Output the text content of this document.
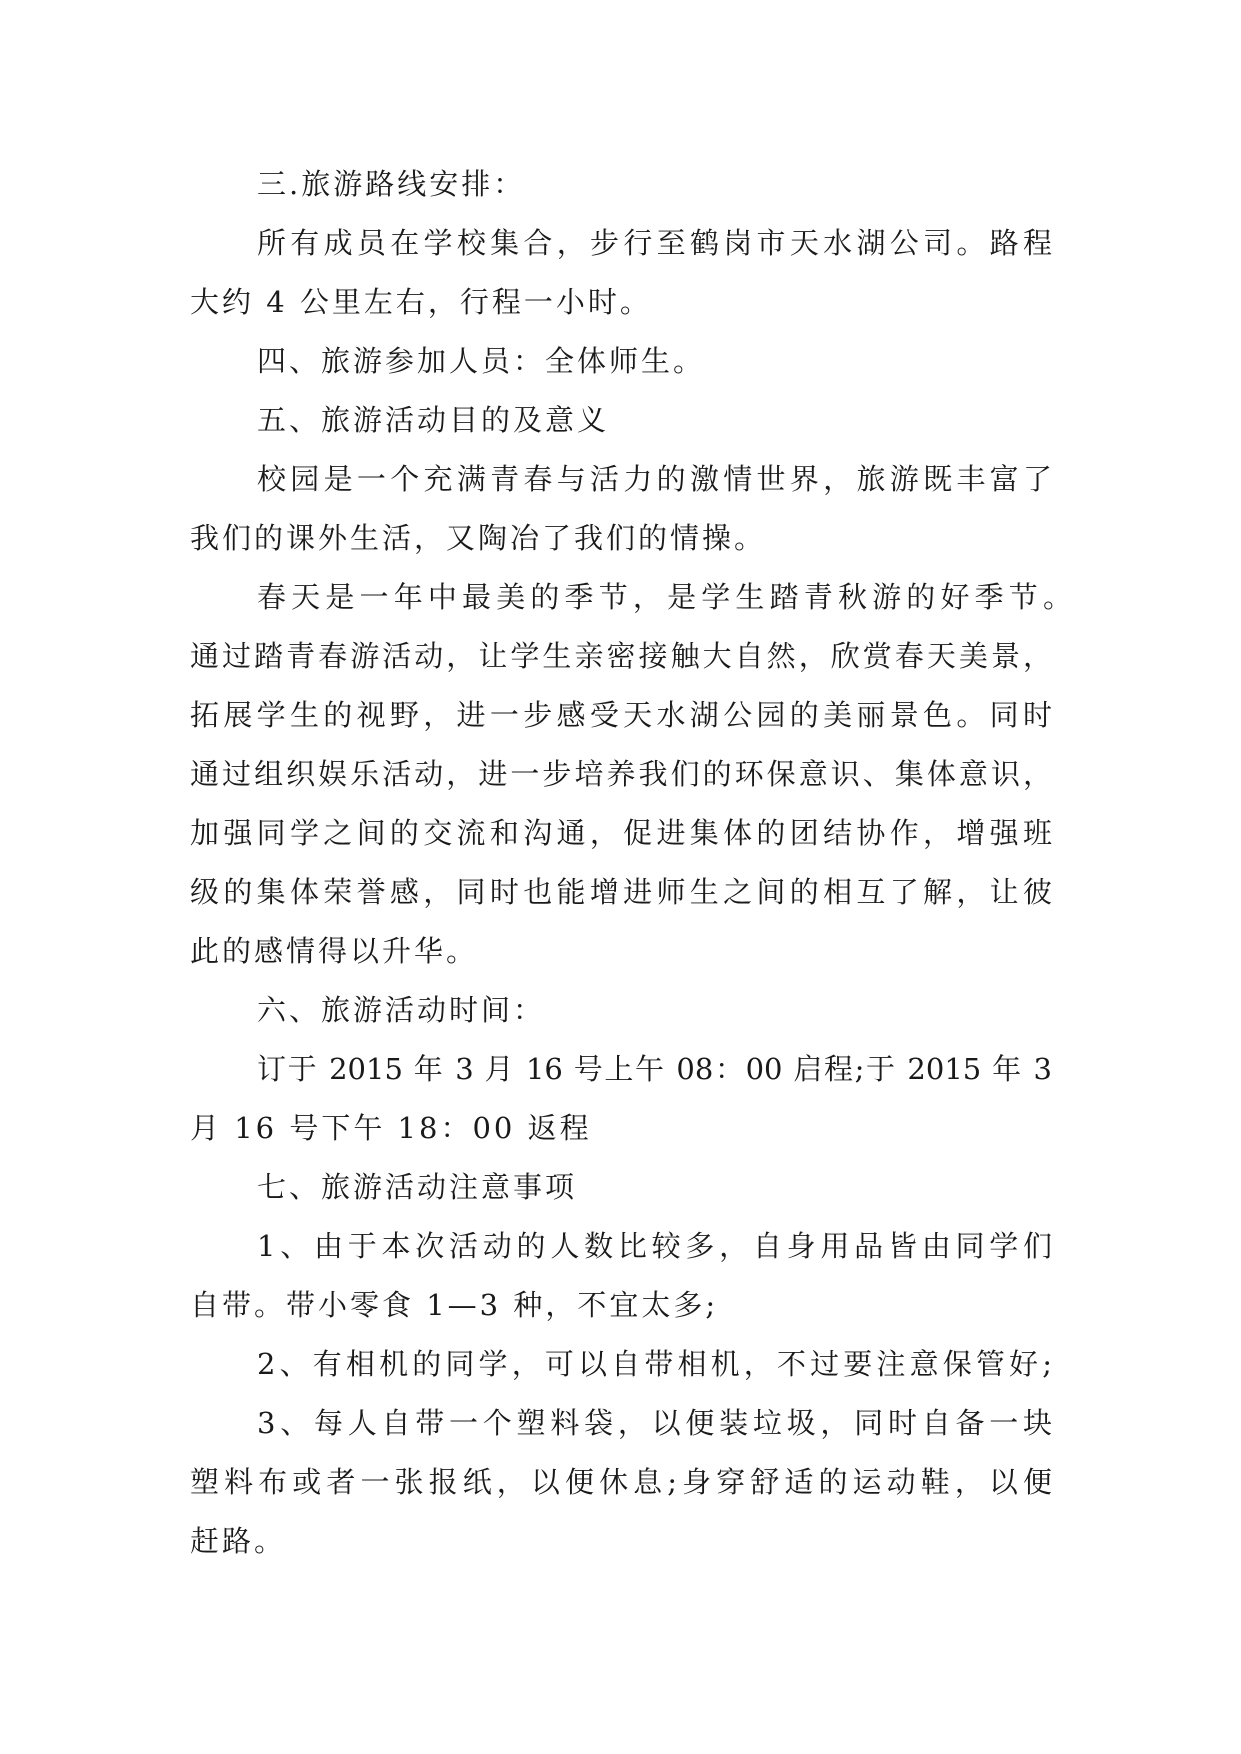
三.旅游路线安排：
所有成员在学校集合，步行至鹤岗市天水湖公司。路程
大约 4 公里左右，行程一小时。
四、旅游参加人员：全体师生。
五、旅游活动目的及意义
校园是一个充满青春与活力的激情世界，旅游既丰富了
我们的课外生活，又陶冶了我们的情操。
春天是一年中最美的季节，是学生踏青秋游的好季节。
通过踏青春游活动，让学生亲密接触大自然，欣赏春天美景，
拓展学生的视野，进一步感受天水湖公园的美丽景色。同时
通过组织娱乐活动，进一步培养我们的环保意识、集体意识，
加强同学之间的交流和沟通，促进集体的团结协作，增强班
级的集体荣誉感，同时也能增进师生之间的相互了解，让彼
此的感情得以升华。
六、旅游活动时间：
订于 2015 年 3 月 16 号上午 08：00 启程;于 2015 年 3
月 16 号下午 18：00 返程
七、旅游活动注意事项
1、由于本次活动的人数比较多，自身用品皆由同学们
自带。带小零食 1—3 种，不宜太多;
2、有相机的同学，可以自带相机，不过要注意保管好;
3、每人自带一个塑料袋，以便装垃圾，同时自备一块
塑料布或者一张报纸，以便休息;身穿舒适的运动鞋，以便
赶路。
